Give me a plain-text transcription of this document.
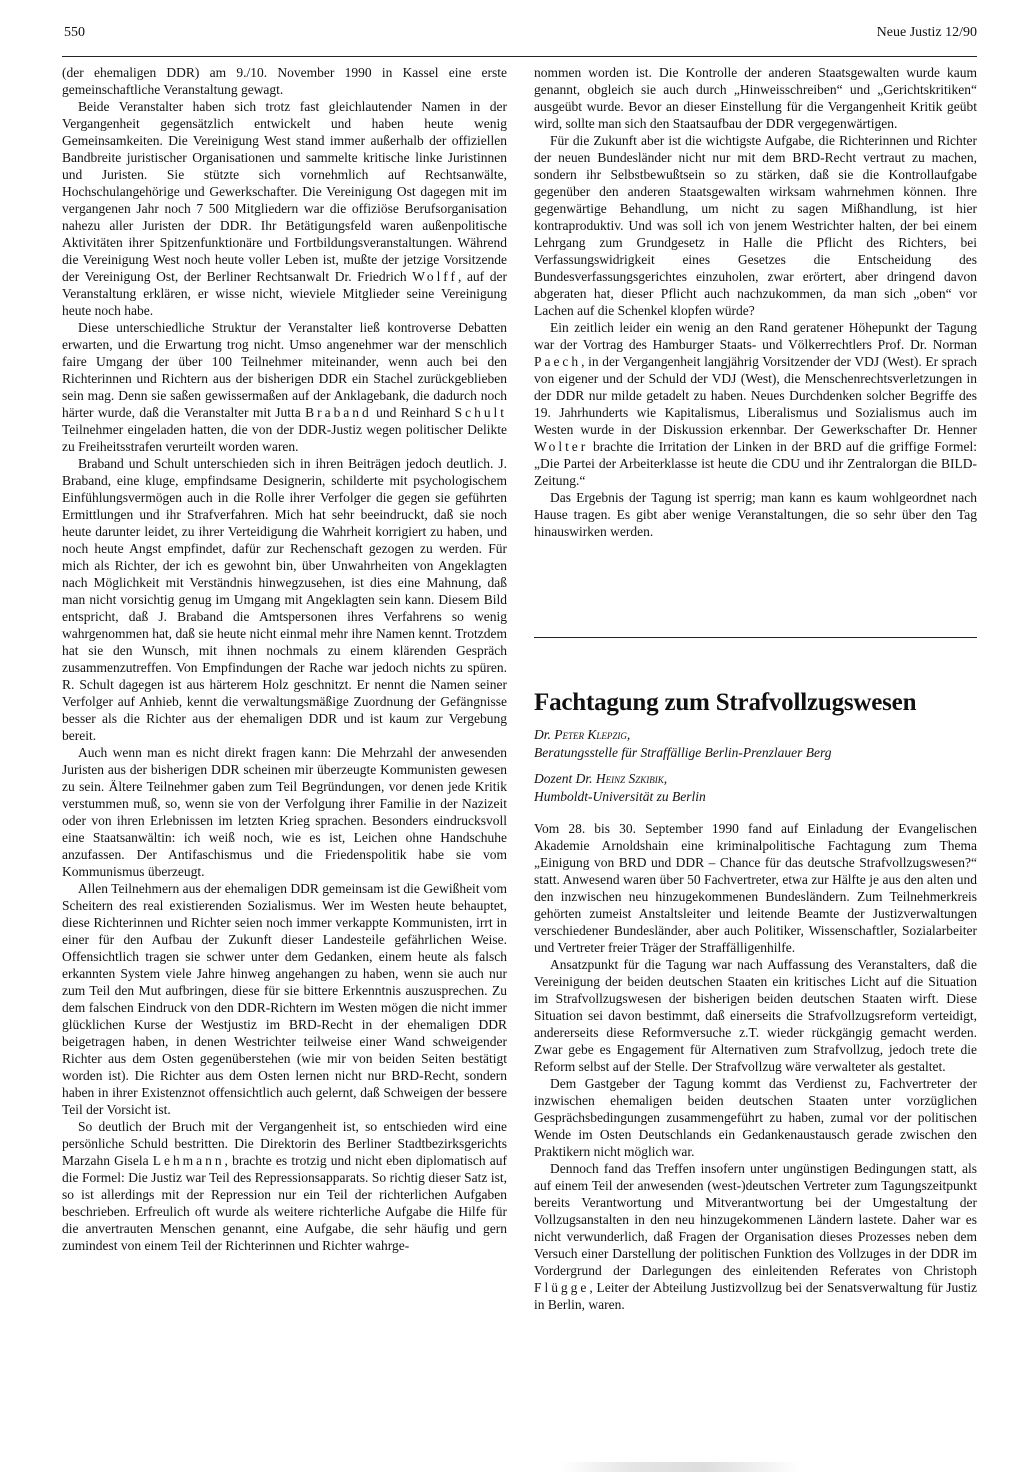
550	Neue Justiz 12/90

(der ehemaligen DDR) am 9./10. November 1990 in Kassel eine erste gemeinschaftliche Veranstaltung gewagt.

Beide Veranstalter haben sich trotz fast gleichlautender Namen in der Vergangenheit gegensätzlich entwickelt und haben heute wenig Gemeinsamkeiten. Die Vereinigung West stand immer außerhalb der offiziellen Bandbreite juristischer Organisationen und sammelte kritische linke Juristinnen und Juristen. Sie stützte sich vornehmlich auf Rechtsanwälte, Hochschulangehörige und Gewerkschafter. Die Vereinigung Ost dagegen mit im vergangenen Jahr noch 7 500 Mitgliedern war die offiziöse Berufsorganisation nahezu aller Juristen der DDR. Ihr Betätigungsfeld waren außenpolitische Aktivitäten ihrer Spitzenfunktionäre und Fortbildungsveranstaltungen. Während die Vereinigung West noch heute voller Leben ist, mußte der jetzige Vorsitzende der Vereinigung Ost, der Berliner Rechtsanwalt Dr. Friedrich Wolff, auf der Veranstaltung erklären, er wisse nicht, wieviele Mitglieder seine Vereinigung heute noch habe.

Diese unterschiedliche Struktur der Veranstalter ließ kontroverse Debatten erwarten, und die Erwartung trog nicht. Umso angenehmer war der menschlich faire Umgang der über 100 Teilnehmer miteinander, wenn auch bei den Richterinnen und Richtern aus der bisherigen DDR ein Stachel zurückgeblieben sein mag. Denn sie saßen gewissermaßen auf der Anklagebank, die dadurch noch härter wurde, daß die Veranstalter mit Jutta Braband und Reinhard Schult Teilnehmer eingeladen hatten, die von der DDR-Justiz wegen politischer Delikte zu Freiheitsstrafen verurteilt worden waren.

Braband und Schult unterschieden sich in ihren Beiträgen jedoch deutlich. J. Braband, eine kluge, empfindsame Designerin, schilderte mit psychologischem Einfühlungsvermögen auch in die Rolle ihrer Verfolger die gegen sie geführten Ermittlungen und ihr Strafverfahren. Mich hat sehr beeindruckt, daß sie noch heute darunter leidet, zu ihrer Verteidigung die Wahrheit korrigiert zu haben, und noch heute Angst empfindet, dafür zur Rechenschaft gezogen zu werden. Für mich als Richter, der ich es gewohnt bin, über Unwahrheiten von Angeklagten nach Möglichkeit mit Verständnis hinwegzusehen, ist dies eine Mahnung, daß man nicht vorsichtig genug im Umgang mit Angeklagten sein kann. Diesem Bild entspricht, daß J. Braband die Amtspersonen ihres Verfahrens so wenig wahrgenommen hat, daß sie heute nicht einmal mehr ihre Namen kennt. Trotzdem hat sie den Wunsch, mit ihnen nochmals zu einem klärenden Gespräch zusammenzutreffen. Von Empfindungen der Rache war jedoch nichts zu spüren. R. Schult dagegen ist aus härterem Holz geschnitzt. Er nennt die Namen seiner Verfolger auf Anhieb, kennt die verwaltungsmäßige Zuordnung der Gefängnisse besser als die Richter aus der ehemaligen DDR und ist kaum zur Vergebung bereit.

Auch wenn man es nicht direkt fragen kann: Die Mehrzahl der anwesenden Juristen aus der bisherigen DDR scheinen mir überzeugte Kommunisten gewesen zu sein. Ältere Teilnehmer gaben zum Teil Begründungen, vor denen jede Kritik verstummen muß, so, wenn sie von der Verfolgung ihrer Familie in der Nazizeit oder von ihren Erlebnissen im letzten Krieg sprachen. Besonders eindrucksvoll eine Staatsanwältin: ich weiß noch, wie es ist, Leichen ohne Handschuhe anzufassen. Der Antifaschismus und die Friedenspolitik habe sie vom Kommunismus überzeugt.

Allen Teilnehmern aus der ehemaligen DDR gemeinsam ist die Gewißheit vom Scheitern des real existierenden Sozialismus. Wer im Westen heute behauptet, diese Richterinnen und Richter seien noch immer verkappte Kommunisten, irrt in einer für den Aufbau der Zukunft dieser Landesteile gefährlichen Weise. Offensichtlich tragen sie schwer unter dem Gedanken, einem heute als falsch erkannten System viele Jahre hinweg angehangen zu haben, wenn sie auch nur zum Teil den Mut aufbringen, diese für sie bittere Erkenntnis auszusprechen. Zu dem falschen Eindruck von den DDR-Richtern im Westen mögen die nicht immer glücklichen Kurse der Westjustiz im BRD-Recht in der ehemaligen DDR beigetragen haben, in denen Westrichter teilweise einer Wand schweigender Richter aus dem Osten gegenüberstehen (wie mir von beiden Seiten bestätigt worden ist). Die Richter aus dem Osten lernen nicht nur BRD-Recht, sondern haben in ihrer Existenznot offensichtlich auch gelernt, daß Schweigen der bessere Teil der Vorsicht ist.

So deutlich der Bruch mit der Vergangenheit ist, so entschieden wird eine persönliche Schuld bestritten. Die Direktorin des Berliner Stadtbezirksgerichts Marzahn Gisela Lehmann, brachte es trotzig und nicht eben diplomatisch auf die Formel: Die Justiz war Teil des Repressionsapparats. So richtig dieser Satz ist, so ist allerdings mit der Repression nur ein Teil der richterlichen Aufgaben beschrieben. Erfreulich oft wurde als weitere richterliche Aufgabe die Hilfe für die anvertrauten Menschen genannt, eine Aufgabe, die sehr häufig und gern zumindest von einem Teil der Richterinnen und Richter wahrge-

nommen worden ist. Die Kontrolle der anderen Staatsgewalten wurde kaum genannt, obgleich sie auch durch „Hinweisschreiben“ und „Gerichtskritiken“ ausgeübt wurde. Bevor an dieser Einstellung für die Vergangenheit Kritik geübt wird, sollte man sich den Staatsaufbau der DDR vergegenwärtigen.

Für die Zukunft aber ist die wichtigste Aufgabe, die Richterinnen und Richter der neuen Bundesländer nicht nur mit dem BRD-Recht vertraut zu machen, sondern ihr Selbstbewußtsein so zu stärken, daß sie die Kontrollaufgabe gegenüber den anderen Staatsgewalten wirksam wahrnehmen können. Ihre gegenwärtige Behandlung, um nicht zu sagen Mißhandlung, ist hier kontraproduktiv. Und was soll ich von jenem Westrichter halten, der bei einem Lehrgang zum Grundgesetz in Halle die Pflicht des Richters, bei Verfassungswidrigkeit eines Gesetzes die Entscheidung des Bundesverfassungsgerichtes einzuholen, zwar erörtert, aber dringend davon abgeraten hat, dieser Pflicht auch nachzukommen, da man sich „oben“ vor Lachen auf die Schenkel klopfen würde?

Ein zeitlich leider ein wenig an den Rand geratener Höhepunkt der Tagung war der Vortrag des Hamburger Staats- und Völkerrechtlers Prof. Dr. Norman Paech, in der Vergangenheit langjährig Vorsitzender der VDJ (West). Er sprach von eigener und der Schuld der VDJ (West), die Menschenrechtsverletzungen in der DDR nur milde getadelt zu haben. Neues Durchdenken solcher Begriffe des 19. Jahrhunderts wie Kapitalismus, Liberalismus und Sozialismus auch im Westen wurde in der Diskussion erkennbar. Der Gewerkschafter Dr. Henner Wolter brachte die Irritation der Linken in der BRD auf die griffige Formel: „Die Partei der Arbeiterklasse ist heute die CDU und ihr Zentralorgan die BILD-Zeitung.“

Das Ergebnis der Tagung ist sperrig; man kann es kaum wohlgeordnet nach Hause tragen. Es gibt aber wenige Veranstaltungen, die so sehr über den Tag hinauswirken werden.

Fachtagung zum Strafvollzugswesen

Dr. Peter Klepzig,

Beratungsstelle für Straffällige Berlin-Prenzlauer Berg

Dozent Dr. Heinz Szkibik,

Humboldt-Universität zu Berlin

Vom 28. bis 30. September 1990 fand auf Einladung der Evangelischen Akademie Arnoldshain eine kriminalpolitische Fachtagung zum Thema „Einigung von BRD und DDR – Chance für das deutsche Strafvollzugswesen?“ statt. Anwesend waren über 50 Fachvertreter, etwa zur Hälfte je aus den alten und den inzwischen neu hinzugekommenen Bundesländern. Zum Teilnehmerkreis gehörten zumeist Anstaltsleiter und leitende Beamte der Justizverwaltungen verschiedener Bundesländer, aber auch Politiker, Wissenschaftler, Sozialarbeiter und Vertreter freier Träger der Straffälligenhilfe.

Ansatzpunkt für die Tagung war nach Auffassung des Veranstalters, daß die Vereinigung der beiden deutschen Staaten ein kritisches Licht auf die Situation im Strafvollzugswesen der bisherigen beiden deutschen Staaten wirft. Diese Situation sei davon bestimmt, daß einerseits die Strafvollzugsreform verteidigt, andererseits diese Reformversuche z.T. wieder rückgängig gemacht werden. Zwar gebe es Engagement für Alternativen zum Strafvollzug, jedoch trete die Reform selbst auf der Stelle. Der Strafvollzug wäre verwalteter als gestaltet.

Dem Gastgeber der Tagung kommt das Verdienst zu, Fachvertreter der inzwischen ehemaligen beiden deutschen Staaten unter vorzüglichen Gesprächsbedingungen zusammengeführt zu haben, zumal vor der politischen Wende im Osten Deutschlands ein Gedankenaustausch gerade zwischen den Praktikern nicht möglich war.

Dennoch fand das Treffen insofern unter ungünstigen Bedingungen statt, als auf einem Teil der anwesenden (west-)deutschen Vertreter zum Tagungszeitpunkt bereits Verantwortung und Mitverantwortung bei der Umgestaltung der Vollzugsanstalten in den neu hinzugekommenen Ländern lastete. Daher war es nicht verwunderlich, daß Fragen der Organisation dieses Prozesses neben dem Versuch einer Darstellung der politischen Funktion des Vollzuges in der DDR im Vordergrund der Darlegungen des einleitenden Referates von Christoph Flügge, Leiter der Abteilung Justizvollzug bei der Senatsverwaltung für Justiz in Berlin, waren.
